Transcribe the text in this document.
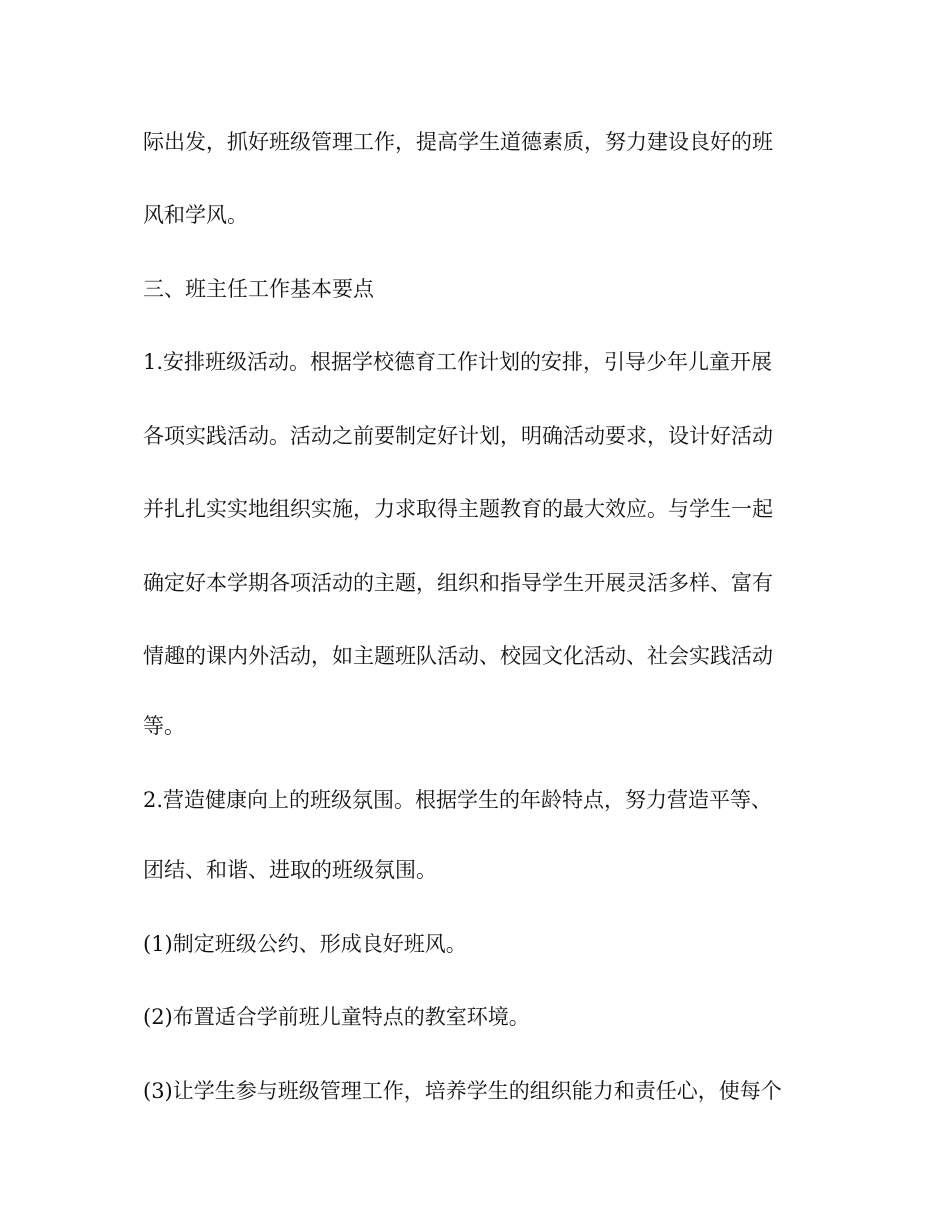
际出发，抓好班级管理工作，提高学生道德素质，努力建设良好的班
风和学风。
三、班主任工作基本要点
1.安排班级活动。根据学校德育工作计划的安排，引导少年儿童开展
各项实践活动。活动之前要制定好计划，明确活动要求，设计好活动
并扎扎实实地组织实施，力求取得主题教育的最大效应。与学生一起
确定好本学期各项活动的主题，组织和指导学生开展灵活多样、富有
情趣的课内外活动，如主题班队活动、校园文化活动、社会实践活动
等。
2.营造健康向上的班级氛围。根据学生的年龄特点，努力营造平等、
团结、和谐、进取的班级氛围。
(1)制定班级公约、形成良好班风。
(2)布置适合学前班儿童特点的教室环境。
(3)让学生参与班级管理工作，培养学生的组织能力和责任心，使每个
